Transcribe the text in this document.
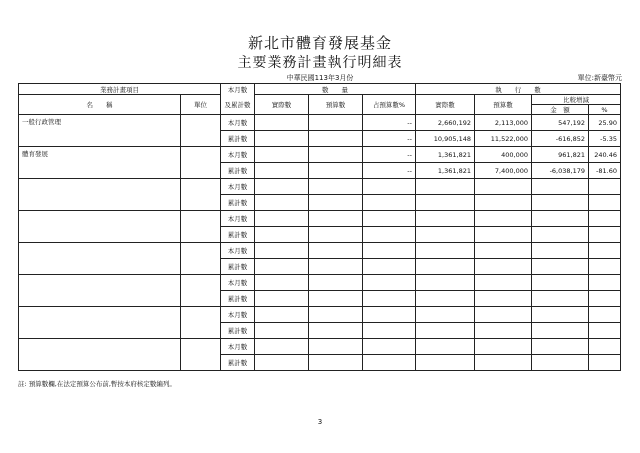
新北市體育發展基金
主要業務計畫執行明細表
中華民國113年3月份	單位:新臺幣元
業務計畫項目		本月數	數　　量			執　　行　　數			
名　　稱	單位	及累計數	實際數	預算數	占預算數%	實際數	預算數	比較增減	
								金　額	%
一般行政管理		本月數			--	2,660,192	2,113,000	547,192	25.90
		累計數			--	10,905,148	11,522,000	-616,852	-5.35
體育發展		本月數			--	1,361,821	400,000	961,821	240.46
		累計數			--	1,361,821	7,400,000	-6,038,179	-81.60
		本月數							
		累計數							
		本月數							
		累計數							
		本月數							
		累計數							
		本月數							
		累計數							
		本月數							
		累計數							
		本月數							
		累計數							
註: 預算數欄,在法定預算公布前,暫按本府核定數編列。
3
